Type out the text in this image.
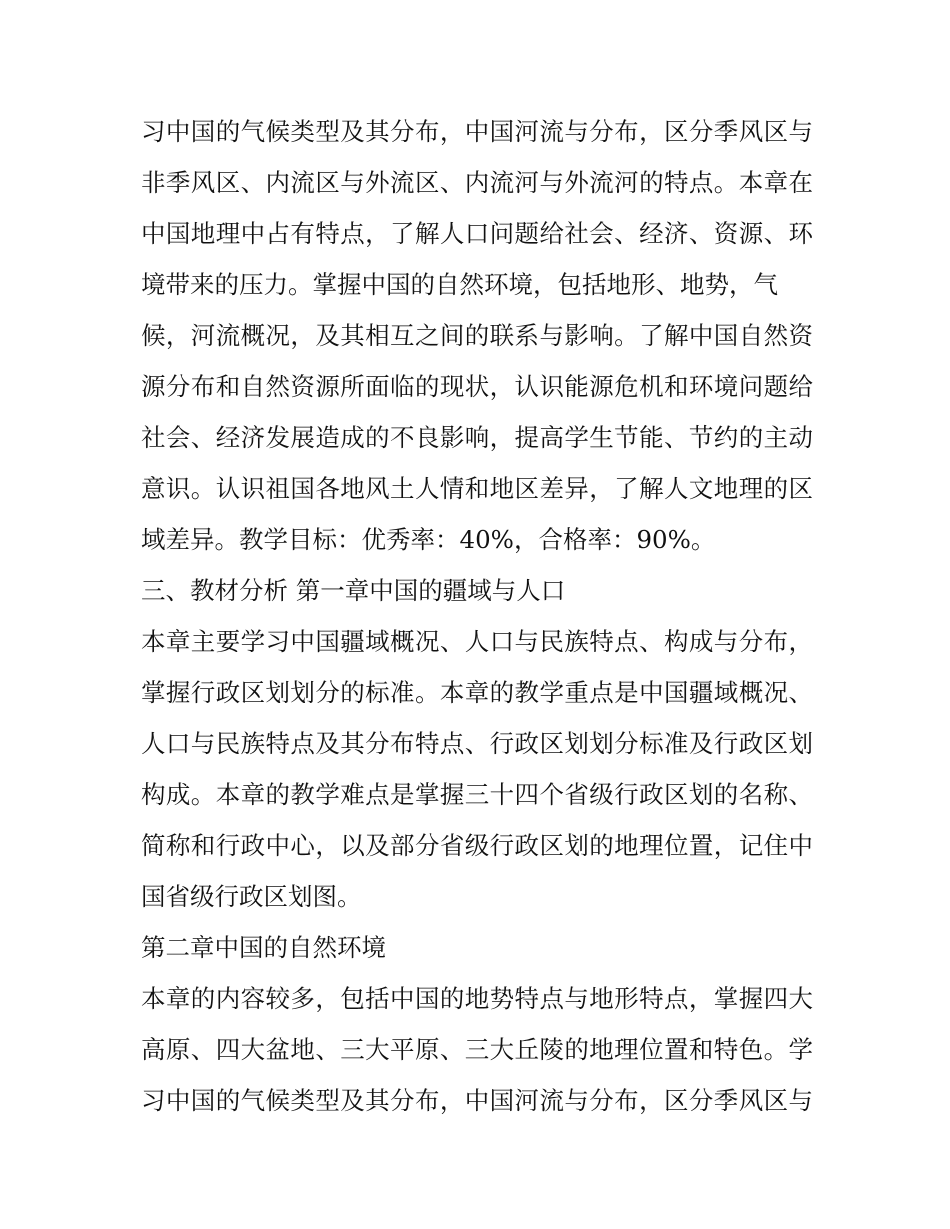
习中国的气候类型及其分布，中国河流与分布，区分季风区与
非季风区、内流区与外流区、内流河与外流河的特点。本章在
中国地理中占有特点，了解人口问题给社会、经济、资源、环
境带来的压力。掌握中国的自然环境，包括地形、地势，气
候，河流概况，及其相互之间的联系与影响。了解中国自然资
源分布和自然资源所面临的现状，认识能源危机和环境问题给
社会、经济发展造成的不良影响，提高学生节能、节约的主动
意识。认识祖国各地风土人情和地区差异，了解人文地理的区
域差异。教学目标：优秀率：40%，合格率：90%。
三、教材分析 第一章中国的疆域与人口
本章主要学习中国疆域概况、人口与民族特点、构成与分布，
掌握行政区划划分的标准。本章的教学重点是中国疆域概况、
人口与民族特点及其分布特点、行政区划划分标准及行政区划
构成。本章的教学难点是掌握三十四个省级行政区划的名称、
简称和行政中心，以及部分省级行政区划的地理位置，记住中
国省级行政区划图。
第二章中国的自然环境
本章的内容较多，包括中国的地势特点与地形特点，掌握四大
高原、四大盆地、三大平原、三大丘陵的地理位置和特色。学
习中国的气候类型及其分布，中国河流与分布，区分季风区与
